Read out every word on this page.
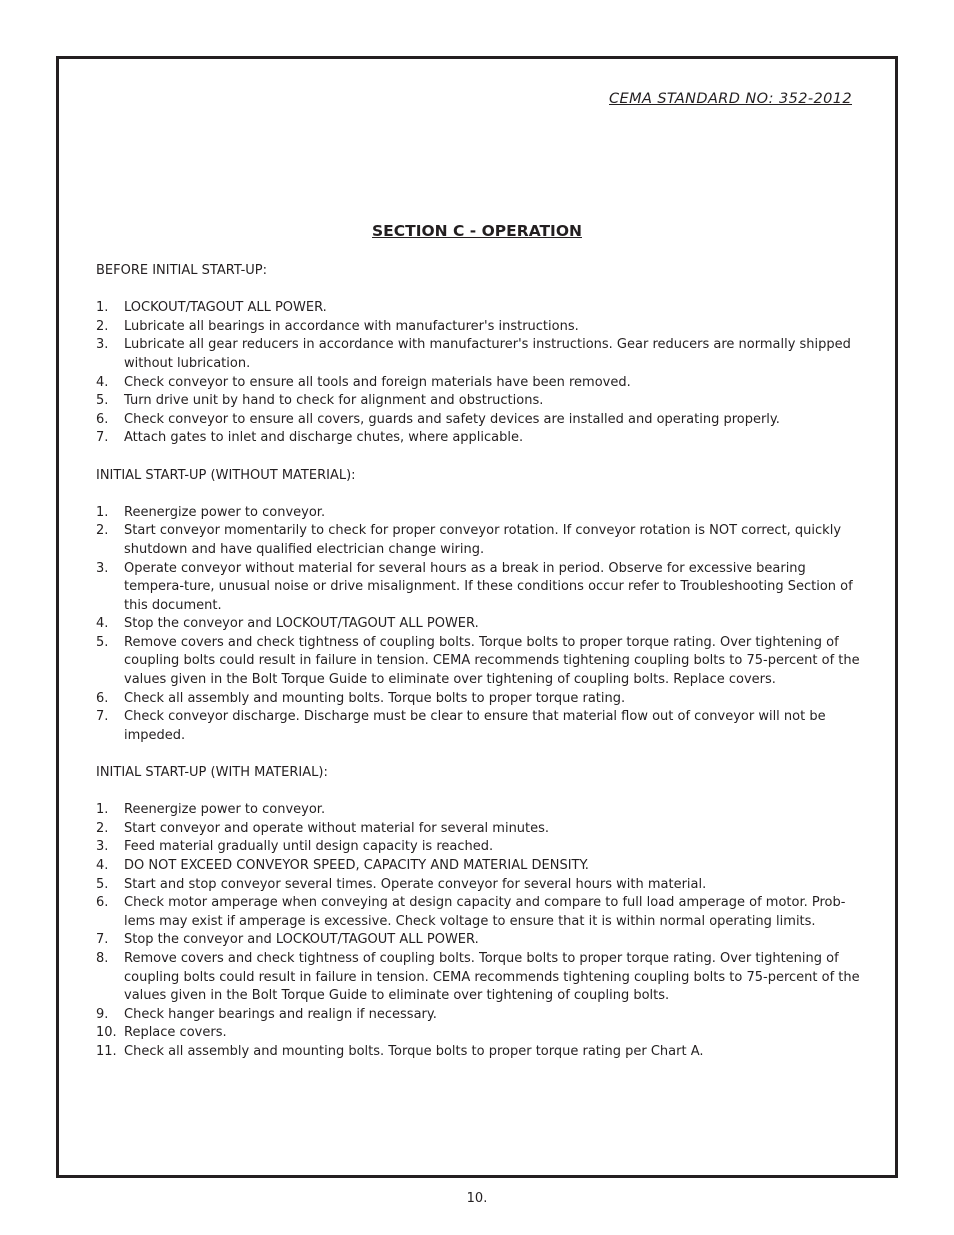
CEMA STANDARD NO: 352-2012
SECTION C - OPERATION

BEFORE INITIAL START-UP:

1.	LOCKOUT/TAGOUT ALL POWER.
2.	Lubricate all bearings in accordance with manufacturer's instructions.
3.	Lubricate all gear reducers in accordance with manufacturer's instructions. Gear reducers are normally shipped without lubrication.
4.	Check conveyor to ensure all tools and foreign materials have been removed.
5.	Turn drive unit by hand to check for alignment and obstructions.
6.	Check conveyor to ensure all covers, guards and safety devices are installed and operating properly.
7.	Attach gates to inlet and discharge chutes, where applicable.

INITIAL START-UP (WITHOUT MATERIAL):

1.	Reenergize power to conveyor.
2.	Start conveyor momentarily to check for proper conveyor rotation. If conveyor rotation is NOT correct, quickly shutdown and have qualified electrician change wiring.
3.	Operate conveyor without material for several hours as a break in period. Observe for excessive bearing tempera-ture, unusual noise or drive misalignment. If these conditions occur refer to Troubleshooting Section of this document.
4.	Stop the conveyor and LOCKOUT/TAGOUT ALL POWER.
5.	Remove covers and check tightness of coupling bolts. Torque bolts to proper torque rating. Over tightening of coupling bolts could result in failure in tension. CEMA recommends tightening coupling bolts to 75-percent of the values given in the Bolt Torque Guide to eliminate over tightening of coupling bolts. Replace covers.
6.	Check all assembly and mounting bolts. Torque bolts to proper torque rating.
7.	Check conveyor discharge. Discharge must be clear to ensure that material flow out of conveyor will not be impeded.

INITIAL START-UP (WITH MATERIAL):

1.	Reenergize power to conveyor.
2.	Start conveyor and operate without material for several minutes.
3.	Feed material gradually until design capacity is reached.
4.	DO NOT EXCEED CONVEYOR SPEED, CAPACITY AND MATERIAL DENSITY.
5.	Start and stop conveyor several times. Operate conveyor for several hours with material.
6.	Check motor amperage when conveying at design capacity and compare to full load amperage of motor. Prob-lems may exist if amperage is excessive. Check voltage to ensure that it is within normal operating limits.
7.	Stop the conveyor and LOCKOUT/TAGOUT ALL POWER.
8.	Remove covers and check tightness of coupling bolts. Torque bolts to proper torque rating. Over tightening of coupling bolts could result in failure in tension. CEMA recommends tightening coupling bolts to 75-percent of the values given in the Bolt Torque Guide to eliminate over tightening of coupling bolts.
9.	Check hanger bearings and realign if necessary.
10. Replace covers.
11. Check all assembly and mounting bolts. Torque bolts to proper torque rating per Chart A.
10.
